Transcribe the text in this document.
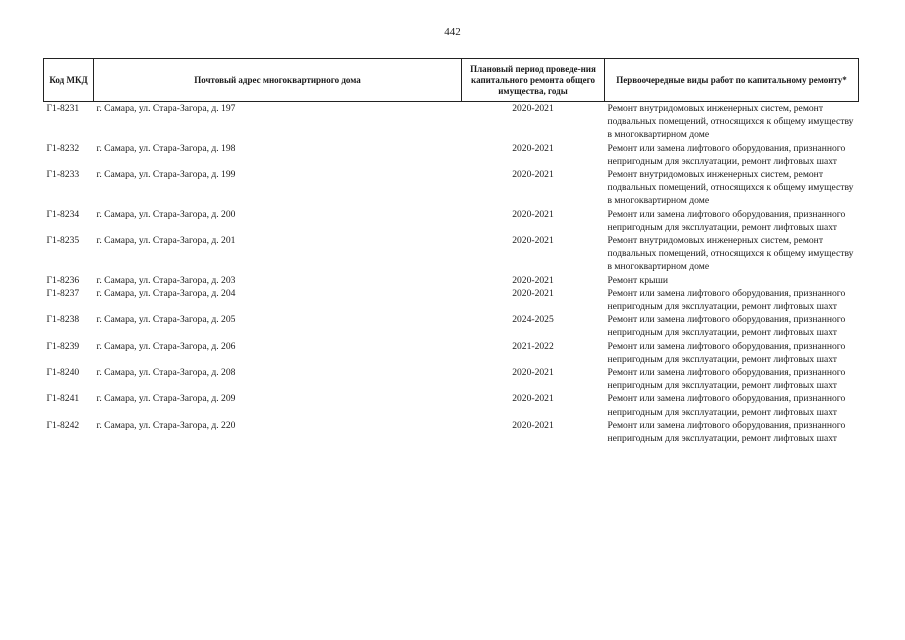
442
Код МКД	Почтовый адрес многоквартирного дома	Плановый период проведе-ния капитального ремонта общего имущества, годы	Первоочередные виды работ по капитальному ремонту*
Г1-8231	г. Самара, ул. Стара-Загора, д. 197	2020-2021	Ремонт внутридомовых инженерных систем, ремонт подвальных помещений, относящихся к общему имуществу в многоквартирном доме
Г1-8232	г. Самара, ул. Стара-Загора, д. 198	2020-2021	Ремонт или замена лифтового оборудования, признанного непригодным для эксплуатации, ремонт лифтовых шахт
Г1-8233	г. Самара, ул. Стара-Загора, д. 199	2020-2021	Ремонт внутридомовых инженерных систем, ремонт подвальных помещений, относящихся к общему имуществу в многоквартирном доме
Г1-8234	г. Самара, ул. Стара-Загора, д. 200	2020-2021	Ремонт или замена лифтового оборудования, признанного непригодным для эксплуатации, ремонт лифтовых шахт
Г1-8235	г. Самара, ул. Стара-Загора, д. 201	2020-2021	Ремонт внутридомовых инженерных систем, ремонт подвальных помещений, относящихся к общему имуществу в многоквартирном доме
Г1-8236	г. Самара, ул. Стара-Загора, д. 203	2020-2021	Ремонт крыши
Г1-8237	г. Самара, ул. Стара-Загора, д. 204	2020-2021	Ремонт или замена лифтового оборудования, признанного непригодным для эксплуатации, ремонт лифтовых шахт
Г1-8238	г. Самара, ул. Стара-Загора, д. 205	2024-2025	Ремонт или замена лифтового оборудования, признанного непригодным для эксплуатации, ремонт лифтовых шахт
Г1-8239	г. Самара, ул. Стара-Загора, д. 206	2021-2022	Ремонт или замена лифтового оборудования, признанного непригодным для эксплуатации, ремонт лифтовых шахт
Г1-8240	г. Самара, ул. Стара-Загора, д. 208	2020-2021	Ремонт или замена лифтового оборудования, признанного непригодным для эксплуатации, ремонт лифтовых шахт
Г1-8241	г. Самара, ул. Стара-Загора, д. 209	2020-2021	Ремонт или замена лифтового оборудования, признанного непригодным для эксплуатации, ремонт лифтовых шахт
Г1-8242	г. Самара, ул. Стара-Загора, д. 220	2020-2021	Ремонт или замена лифтового оборудования, признанного непригодным для эксплуатации, ремонт лифтовых шахт
